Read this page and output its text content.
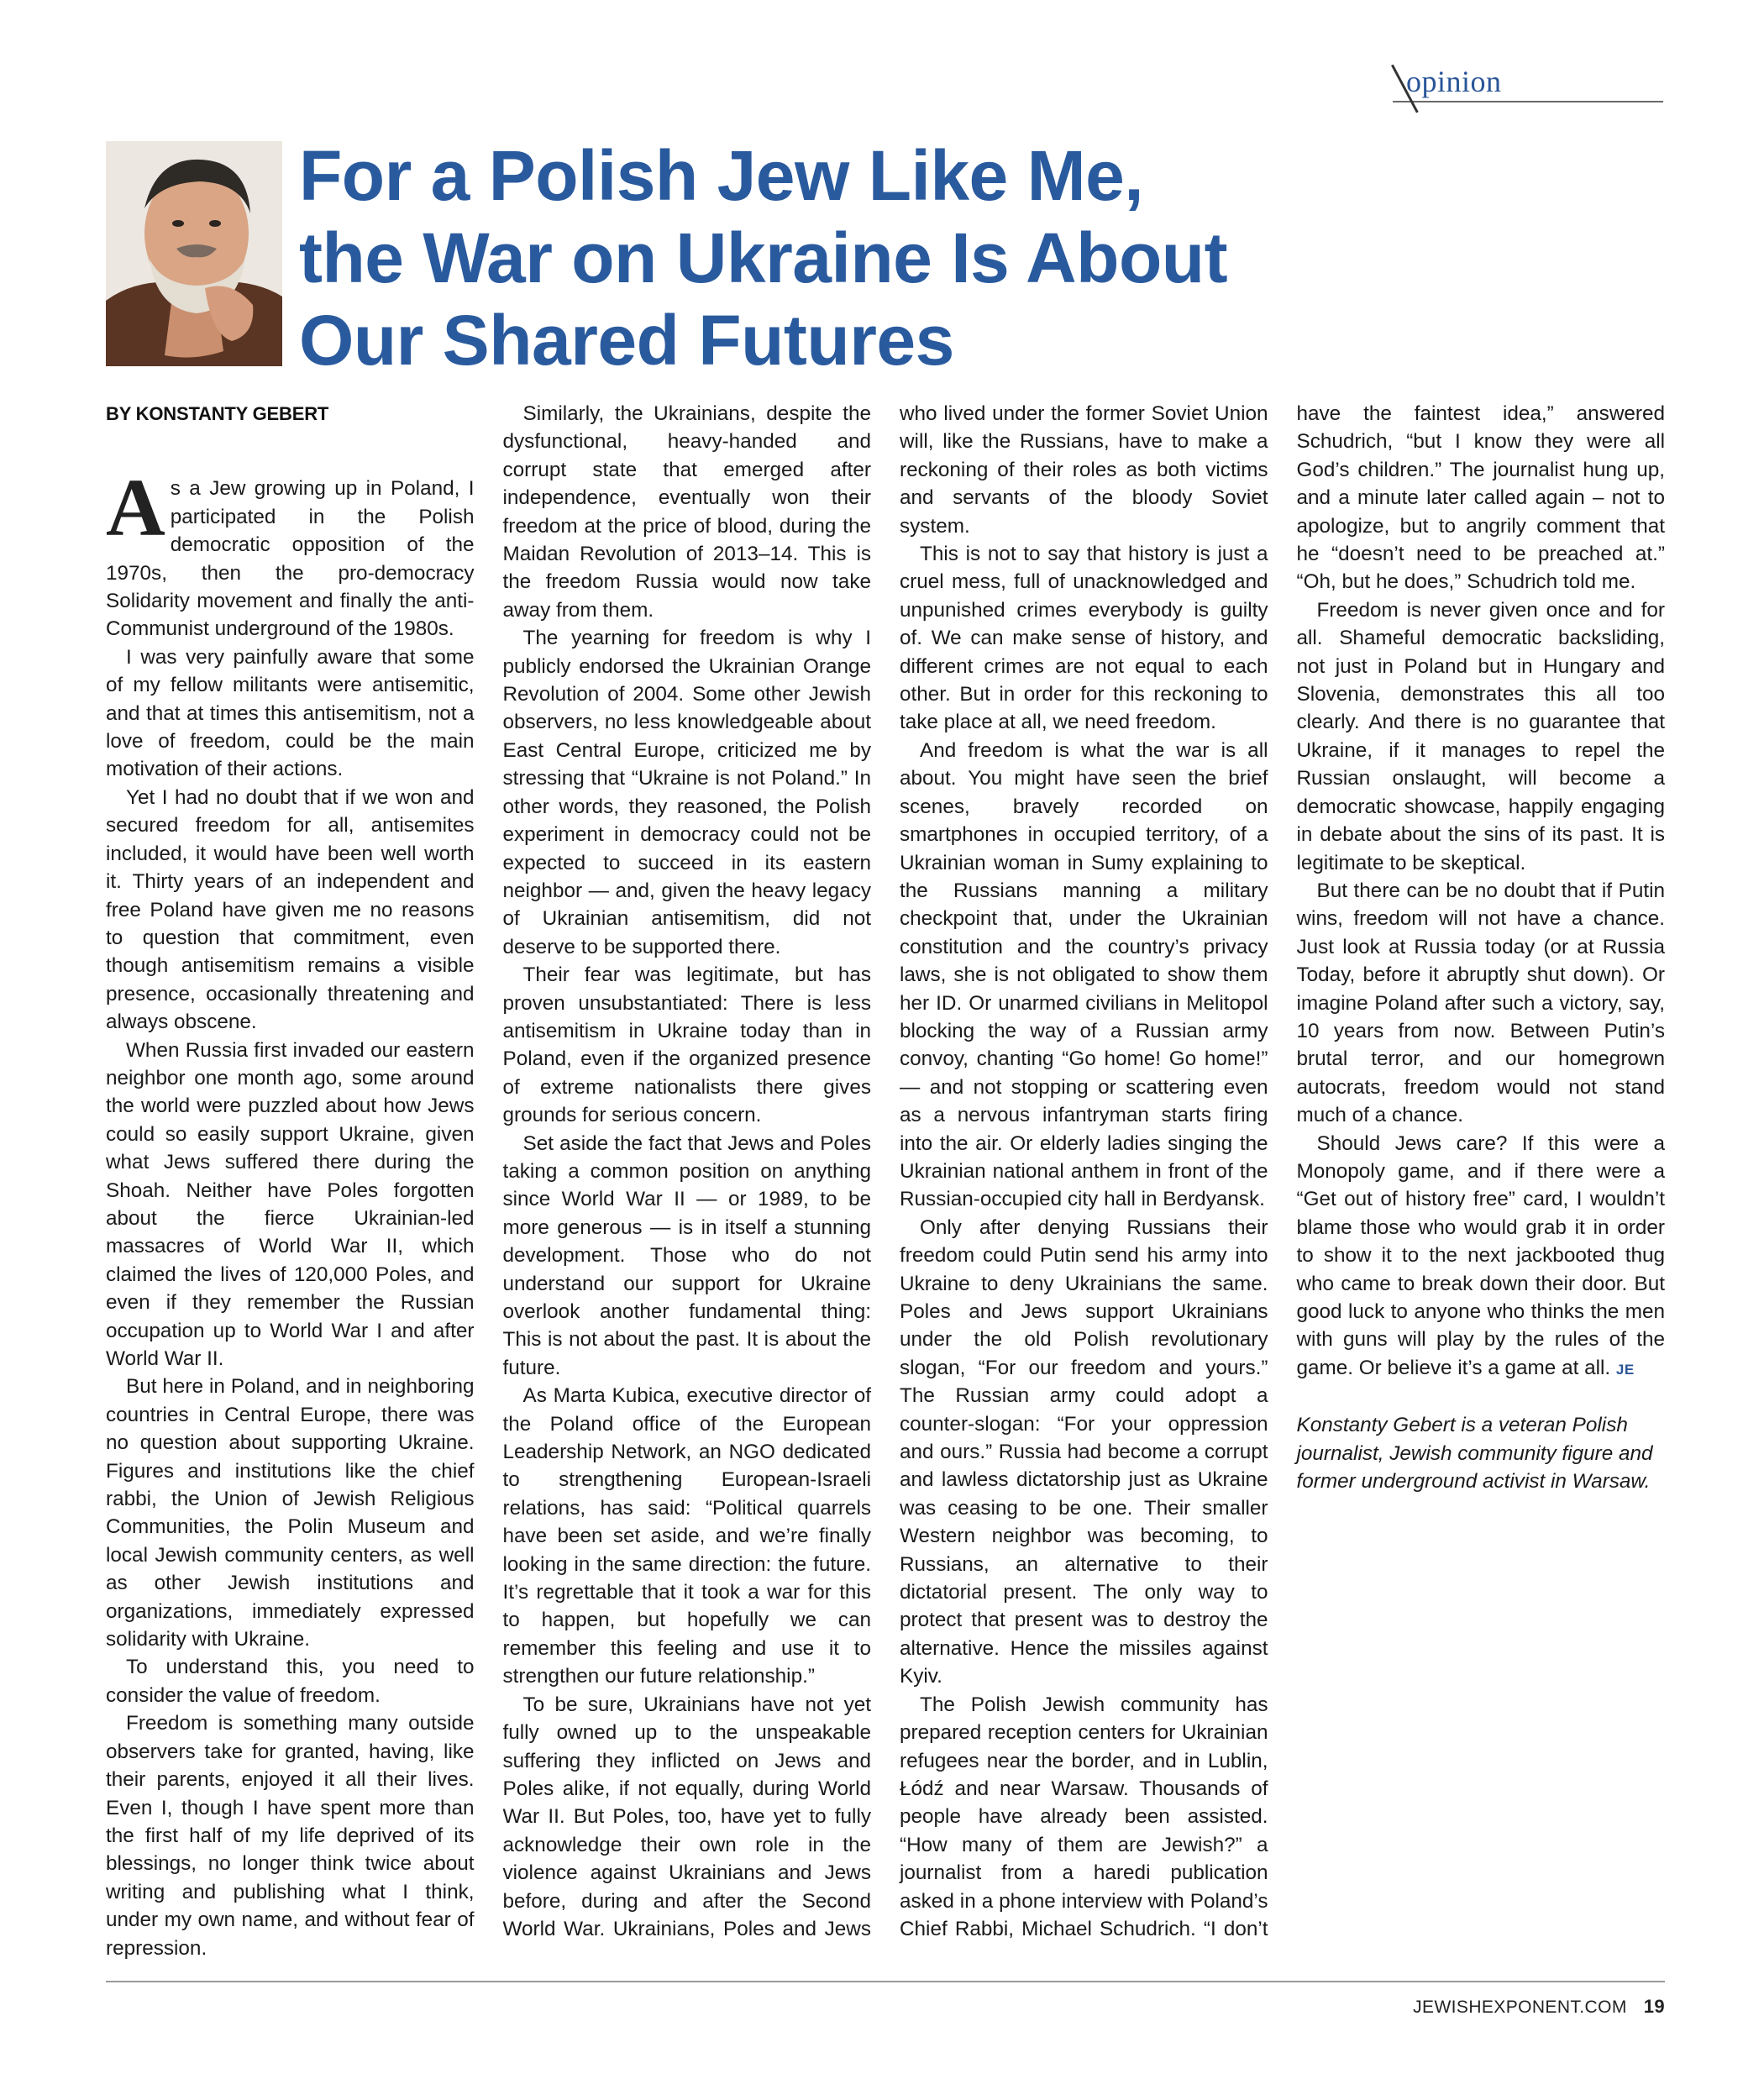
opinion
For a Polish Jew Like Me,
the War on Ukraine Is About
Our Shared Futures
BY KONSTANTY GEBERT

As a Jew growing up in Poland, I participated in the Polish democratic opposition of the 1970s, then the pro-democracy Solidarity movement and finally the anti-Communist underground of the 1980s.

I was very painfully aware that some of my fellow militants were antisemitic, and that at times this antisemitism, not a love of freedom, could be the main motivation of their actions.

Yet I had no doubt that if we won and secured freedom for all, antisemites included, it would have been well worth it. Thirty years of an independent and free Poland have given me no reasons to question that commitment, even though antisemitism remains a visible presence, occasionally threatening and always obscene.

When Russia first invaded our eastern neighbor one month ago, some around the world were puzzled about how Jews could so easily support Ukraine, given what Jews suffered there during the Shoah. Neither have Poles forgotten about the fierce Ukrainian-led massacres of World War II, which claimed the lives of 120,000 Poles, and even if they remember the Russian occupation up to World War I and after World War II.

But here in Poland, and in neighboring countries in Central Europe, there was no question about supporting Ukraine. Figures and institutions like the chief rabbi, the Union of Jewish Religious Communities, the Polin Museum and local Jewish community centers, as well as other Jewish institutions and organizations, immediately expressed solidarity with Ukraine.

To understand this, you need to consider the value of freedom.

Freedom is something many outside observers take for granted, having, like their parents, enjoyed it all their lives. Even I, though I have spent more than the first half of my life deprived of its blessings, no longer think twice about writing and publishing what I think, under my own name, and without fear of repression.

Similarly, the Ukrainians, despite the dysfunctional, heavy-handed and corrupt state that emerged after independence, eventually won their freedom at the price of blood, during the Maidan Revolution of 2013–14. This is the freedom Russia would now take away from them.

The yearning for freedom is why I publicly endorsed the Ukrainian Orange Revolution of 2004. Some other Jewish observers, no less knowledgeable about East Central Europe, criticized me by stressing that “Ukraine is not Poland.” In other words, they reasoned, the Polish experiment in democracy could not be expected to succeed in its eastern neighbor — and, given the heavy legacy of Ukrainian antisemitism, did not deserve to be supported there.

Their fear was legitimate, but has proven unsubstantiated: There is less antisemitism in Ukraine today than in Poland, even if the organized presence of extreme nationalists there gives grounds for serious concern.

Set aside the fact that Jews and Poles taking a common position on anything since World War II — or 1989, to be more generous — is in itself a stunning development. Those who do not understand our support for Ukraine overlook another fundamental thing: This is not about the past. It is about the future.

As Marta Kubica, executive director of the Poland office of the European Leadership Network, an NGO dedicated to strengthening European-Israeli relations, has said: “Political quarrels have been set aside, and we’re finally looking in the same direction: the future. It’s regrettable that it took a war for this to happen, but hopefully we can remember this feeling and use it to strengthen our future relationship.”

To be sure, Ukrainians have not yet fully owned up to the unspeakable suffering they inflicted on Jews and Poles alike, if not equally, during World War II. But Poles, too, have yet to fully acknowledge their own role in the violence against Ukrainians and Jews before, during and after the Second World War. Ukrainians, Poles and Jews who lived under the former Soviet Union will, like the Russians, have to make a reckoning of their roles as both victims and servants of the bloody Soviet system.

This is not to say that history is just a cruel mess, full of unacknowledged and unpunished crimes everybody is guilty of. We can make sense of history, and different crimes are not equal to each other. But in order for this reckoning to take place at all, we need freedom.

And freedom is what the war is all about. You might have seen the brief scenes, bravely recorded on smartphones in occupied territory, of a Ukrainian woman in Sumy explaining to the Russians manning a military checkpoint that, under the Ukrainian constitution and the country’s privacy laws, she is not obligated to show them her ID. Or unarmed civilians in Melitopol blocking the way of a Russian army convoy, chanting “Go home! Go home!” — and not stopping or scattering even as a nervous infantryman starts firing into the air. Or elderly ladies singing the Ukrainian national anthem in front of the Russian-occupied city hall in Berdyansk.

Only after denying Russians their freedom could Putin send his army into Ukraine to deny Ukrainians the same. Poles and Jews support Ukrainians under the old Polish revolutionary slogan, “For our freedom and yours.” The Russian army could adopt a counter-slogan: “For your oppression and ours.” Russia had become a corrupt and lawless dictatorship just as Ukraine was ceasing to be one. Their smaller Western neighbor was becoming, to Russians, an alternative to their dictatorial present. The only way to protect that present was to destroy the alternative. Hence the missiles against Kyiv.

The Polish Jewish community has prepared reception centers for Ukrainian refugees near the border, and in Lublin, Łódź and near Warsaw. Thousands of people have already been assisted. “How many of them are Jewish?” a journalist from a haredi publication asked in a phone interview with Poland’s Chief Rabbi, Michael Schudrich. “I don’t have the faintest idea,” answered Schudrich, “but I know they were all God’s children.” The journalist hung up, and a minute later called again – not to apologize, but to angrily comment that he “doesn’t need to be preached at.” “Oh, but he does,” Schudrich told me.

Freedom is never given once and for all. Shameful democratic backsliding, not just in Poland but in Hungary and Slovenia, demonstrates this all too clearly. And there is no guarantee that Ukraine, if it manages to repel the Russian onslaught, will become a democratic showcase, happily engaging in debate about the sins of its past. It is legitimate to be skeptical.

But there can be no doubt that if Putin wins, freedom will not have a chance. Just look at Russia today (or at Russia Today, before it abruptly shut down). Or imagine Poland after such a victory, say, 10 years from now. Between Putin’s brutal terror, and our homegrown autocrats, freedom would not stand much of a chance.

Should Jews care? If this were a Monopoly game, and if there were a “Get out of history free” card, I wouldn’t blame those who would grab it in order to show it to the next jackbooted thug who came to break down their door. But good luck to anyone who thinks the men with guns will play by the rules of the game. Or believe it’s a game at all. JE

Konstanty Gebert is a veteran Polish journalist, Jewish community figure and former underground activist in Warsaw.

JEWISHEXPONENT.COM 19
